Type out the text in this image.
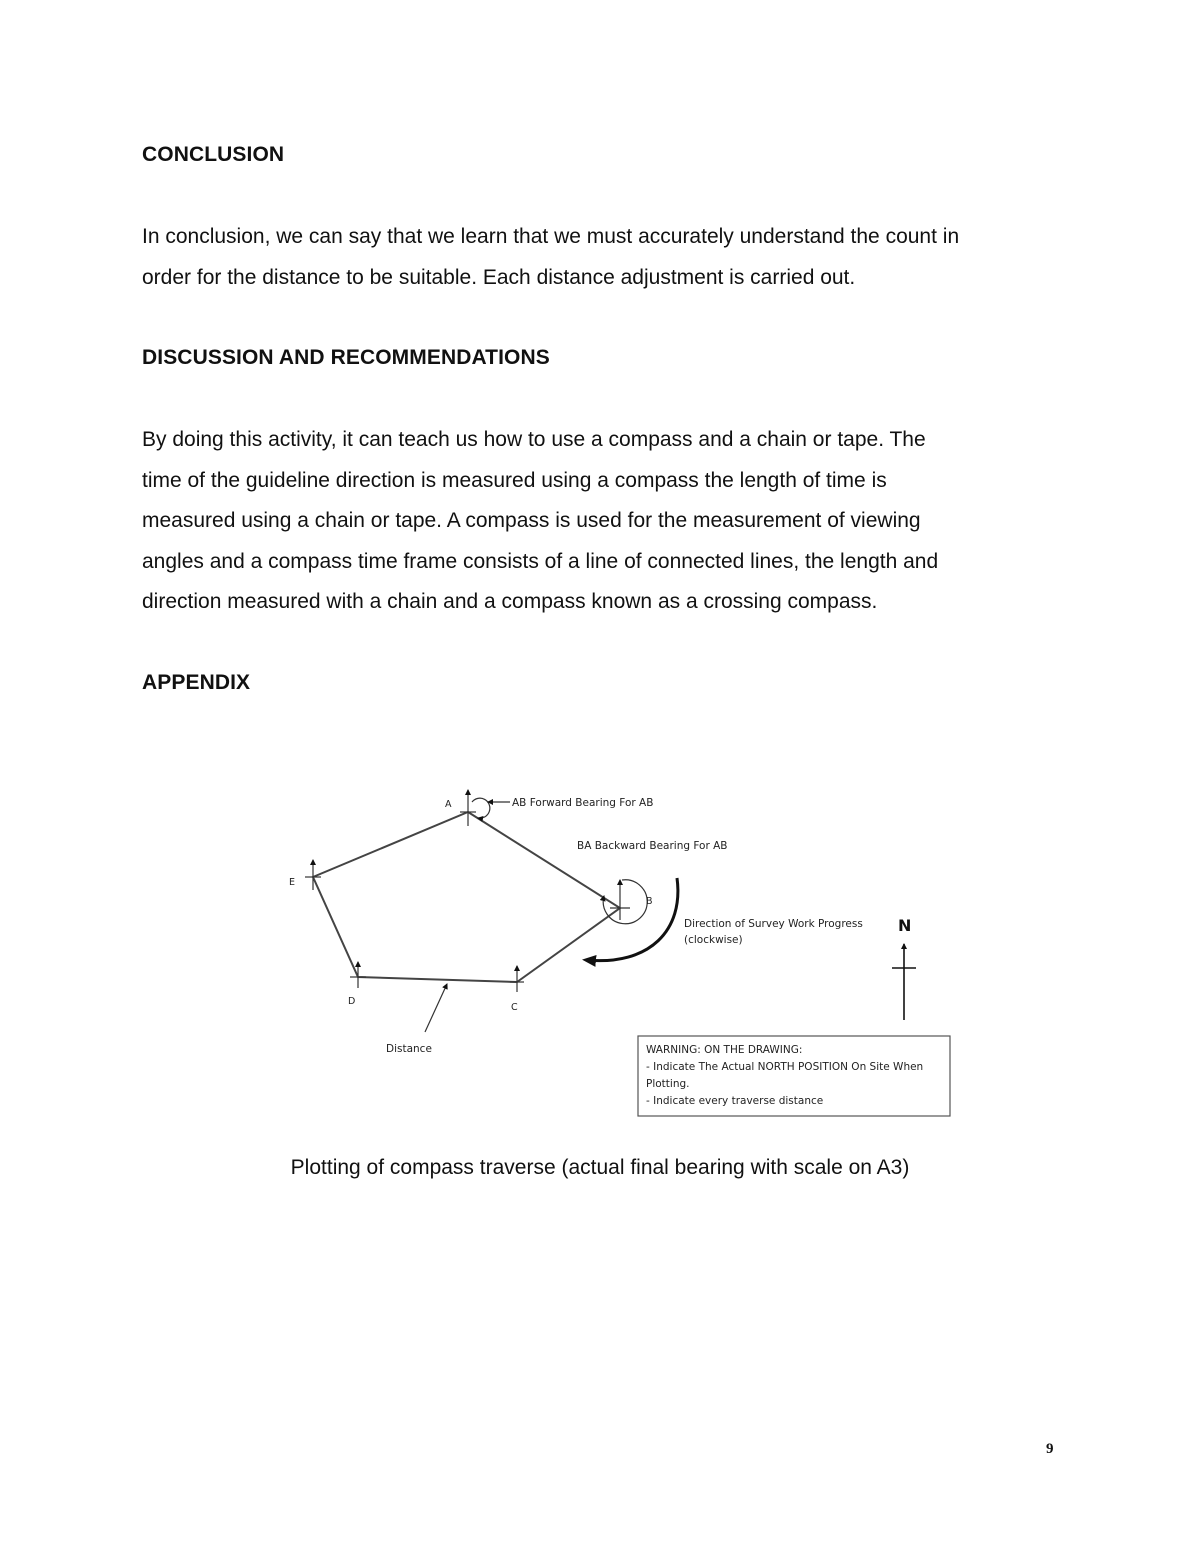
CONCLUSION

In conclusion, we can say that we learn that we must accurately understand the count in

order for the distance to be suitable. Each distance adjustment is carried out.

DISCUSSION AND RECOMMENDATIONS

By doing this activity, it can teach us how to use a compass and a chain or tape. The

time of the guideline direction is measured using a compass the length of time is

measured using a chain or tape. A compass is used for the measurement of viewing

angles and a compass time frame consists of a line of connected lines, the length and

direction measured with a chain and a compass known as a crossing compass.

APPENDIX
A
B
C
D
E
AB Forward Bearing For AB
BA Backward Bearing For AB
Direction of Survey Work Progress
(clockwise)
N
Distance	WARNING: ON THE DRAWING:
- Indicate The Actual NORTH POSITION On Site When
Plotting.
- Indicate every traverse distance
Plotting of compass traverse (actual final bearing with scale on A3)
9
